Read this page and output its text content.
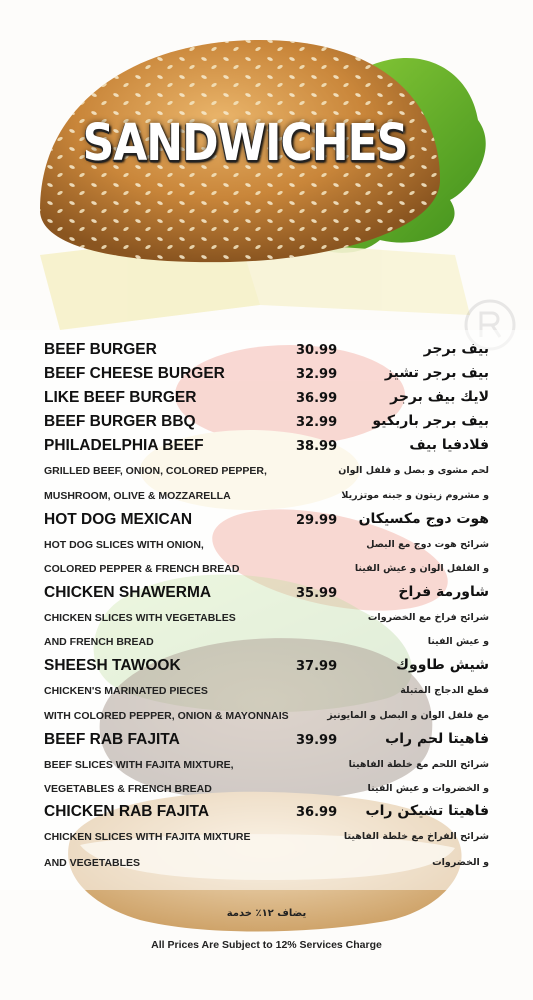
SANDWICHES
BEEF BURGER	30.99	بيف برجر
BEEF CHEESE BURGER	32.99	بيف برجر تشيز
LIKE BEEF BURGER	36.99	لايك بيف برجر
BEEF BURGER BBQ	32.99	بيف برجر باربكيو
PHILADELPHIA BEEF	38.99	فلادفيا بيف
GRILLED BEEF, ONION, COLORED PEPPER,	لحم مشوى و بصل و فلفل الوان
MUSHROOM, OLIVE & MOZZARELLA	و مشروم زيتون و جبنه موتزريلا
HOT DOG MEXICAN	29.99 هوت دوج مكسيكان
HOT DOG SLICES WITH ONION,	شرائح هوت دوج مع البصل
COLORED PEPPER & FRENCH BREAD	و الفلفل الوان و عيش الفينا
CHICKEN SHAWERMA	35.99	شاورمة فراخ
CHICKEN SLICES WITH VEGETABLES	شرائح فراخ مع الخضروات
AND FRENCH BREAD	و عيش الفينا
SHEESH TAWOOK	37.99	شيش طاووك
CHICKEN'S MARINATED PIECES	قطع الدجاج المتبلة
WITH COLORED PEPPER, ONION & MAYONNAIS	مع فلفل الوان و البصل و المايونيز
BEEF RAB FAJITA	39.99	فاهيتا لحم راب
BEEF SLICES WITH FAJITA MIXTURE,	شرائح اللحم مع خلطة الفاهيتا
VEGETABLES & FRENCH BREAD	و الخضروات و عيش الفينا
CHICKEN RAB FAJITA	36.99 فاهيتا تشيكن راب
CHICKEN SLICES WITH FAJITA MIXTURE	شرائح الفراخ مع خلطة الفاهيتا
AND VEGETABLES	و الخضروات
يضاف ١٢٪ خدمة
All Prices Are Subject to 12% Services Charge
